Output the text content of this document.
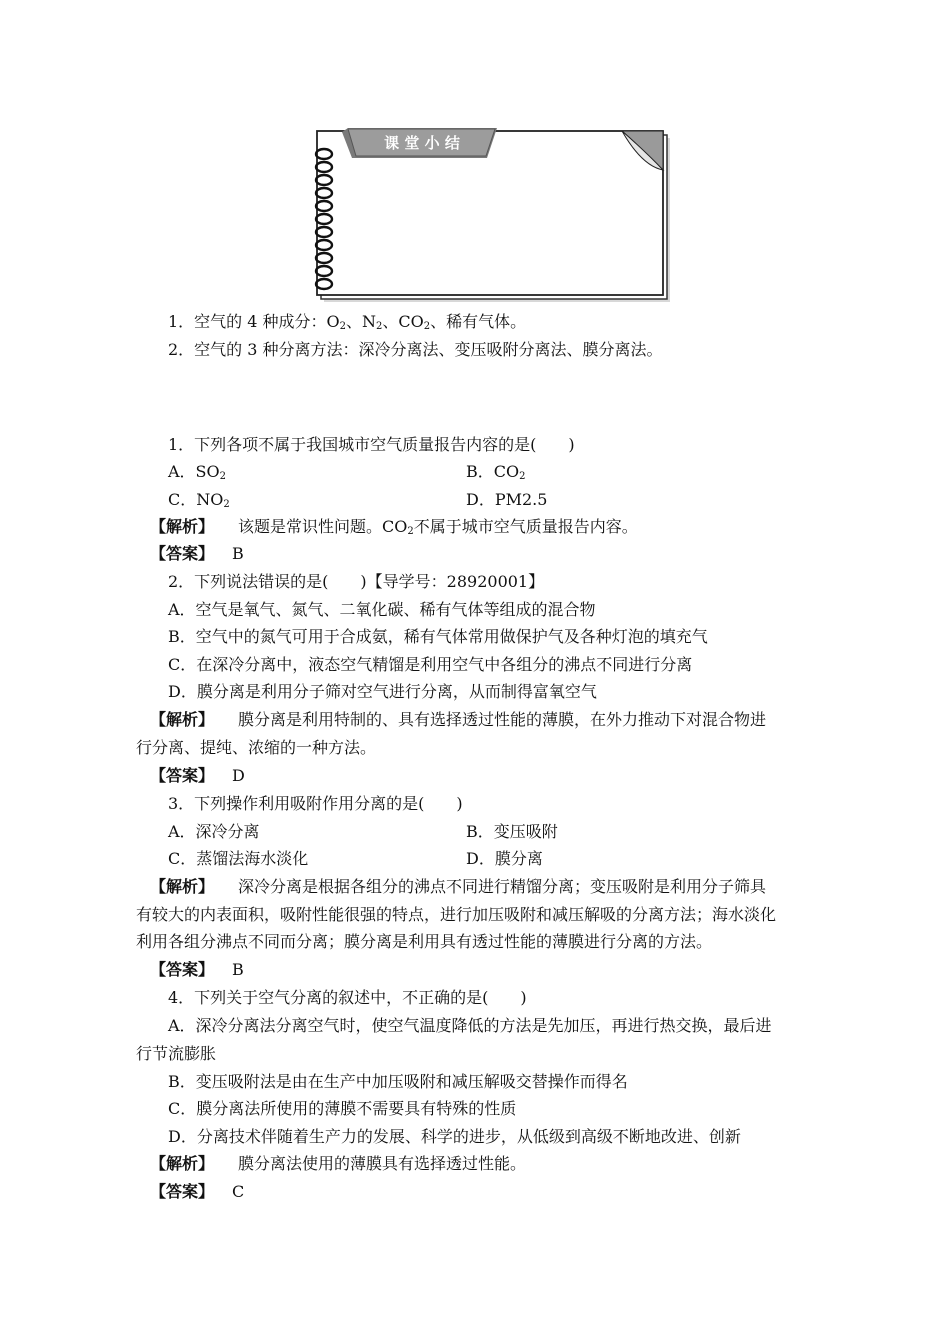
课 堂 小 结
1．空气的 4 种成分：$O_2$、$N_2$、$CO_2$、稀有气体。
2．空气的 3 种分离方法：深冷分离法、变压吸附分离法、膜分离法。
1．下列各项不属于我国城市空气质量报告内容的是(　　)
A．$SO_2$	B．$CO_2$
C．$NO_2$	D．PM2.5
【解析】 该题是常识性问题。$CO_2$不属于城市空气质量报告内容。
【答案】 B
2．下列说法错误的是(　　)【导学号：28920001】
A．空气是氧气、氮气、二氧化碳、稀有气体等组成的混合物
B．空气中的氮气可用于合成氨，稀有气体常用做保护气及各种灯泡的填充气
C．在深冷分离中，液态空气精馏是利用空气中各组分的沸点不同进行分离
D．膜分离是利用分子筛对空气进行分离，从而制得富氧空气
【解析】 膜分离是利用特制的、具有选择透过性能的薄膜，在外力推动下对混合物进
行分离、提纯、浓缩的一种方法。
【答案】 D
3．下列操作利用吸附作用分离的是(　　)
A．深冷分离	B．变压吸附
C．蒸馏法海水淡化	D．膜分离
【解析】 深冷分离是根据各组分的沸点不同进行精馏分离；变压吸附是利用分子筛具
有较大的内表面积，吸附性能很强的特点，进行加压吸附和减压解吸的分离方法；海水淡化
利用各组分沸点不同而分离；膜分离是利用具有透过性能的薄膜进行分离的方法。
【答案】 B
4．下列关于空气分离的叙述中，不正确的是(　　)
A．深冷分离法分离空气时，使空气温度降低的方法是先加压，再进行热交换，最后进
行节流膨胀
B．变压吸附法是由在生产中加压吸附和减压解吸交替操作而得名
C．膜分离法所使用的薄膜不需要具有特殊的性质
D．分离技术伴随着生产力的发展、科学的进步，从低级到高级不断地改进、创新
【解析】 膜分离法使用的薄膜具有选择透过性能。
【答案】 C
